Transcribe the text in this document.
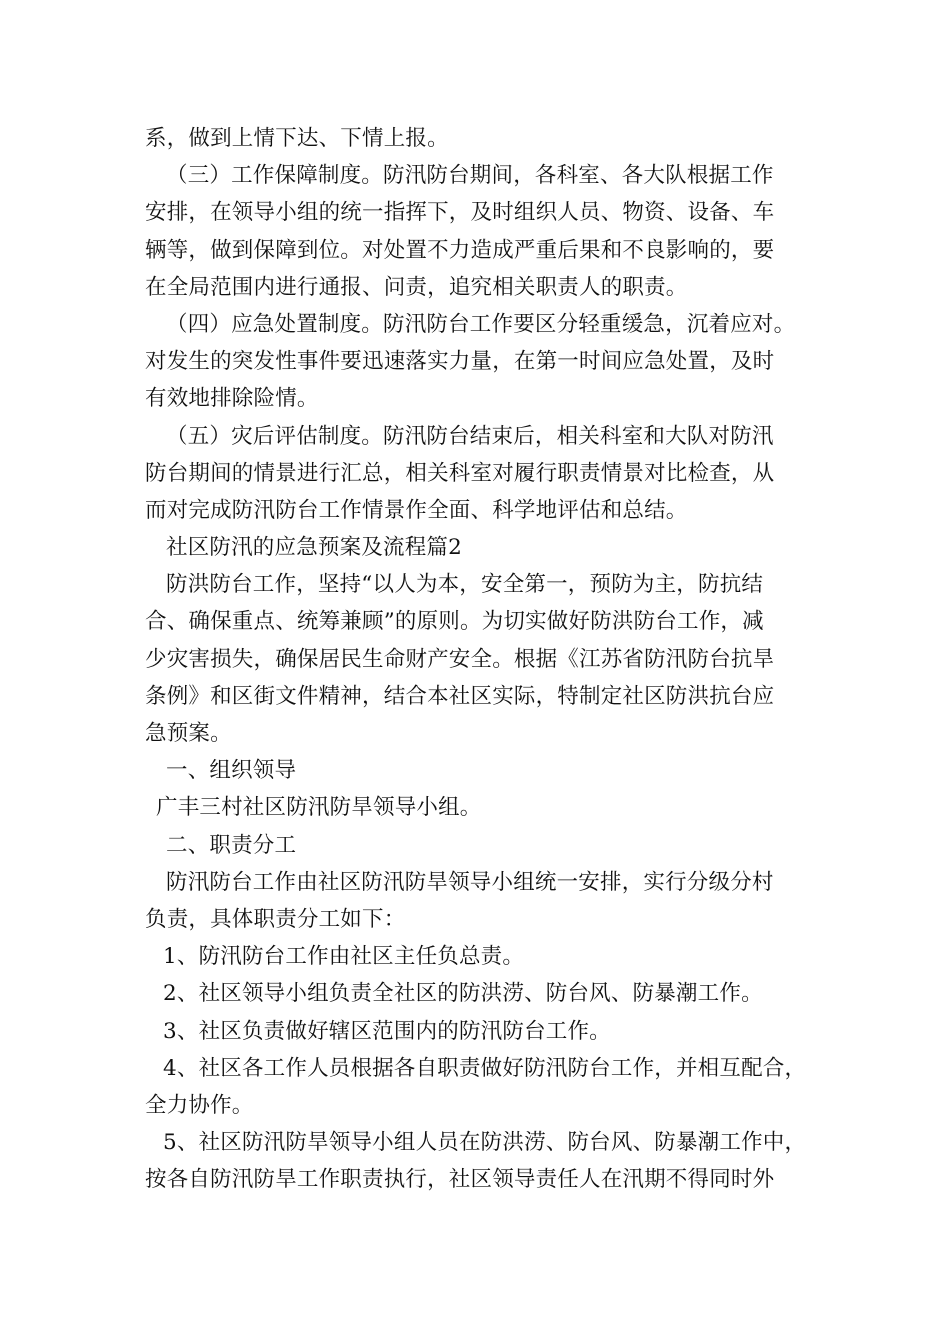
系，做到上情下达、下情上报。
（三）工作保障制度。防汛防台期间，各科室、各大队根据工作
安排，在领导小组的统一指挥下，及时组织人员、物资、设备、车
辆等，做到保障到位。对处置不力造成严重后果和不良影响的，要
在全局范围内进行通报、问责，追究相关职责人的职责。
（四）应急处置制度。防汛防台工作要区分轻重缓急，沉着应对。
对发生的突发性事件要迅速落实力量，在第一时间应急处置，及时
有效地排除险情。
（五）灾后评估制度。防汛防台结束后，相关科室和大队对防汛
防台期间的情景进行汇总，相关科室对履行职责情景对比检查，从
而对完成防汛防台工作情景作全面、科学地评估和总结。
社区防汛的应急预案及流程篇2
防洪防台工作，坚持“以人为本，安全第一，预防为主，防抗结
合、确保重点、统筹兼顾”的原则。为切实做好防洪防台工作，减
少灾害损失，确保居民生命财产安全。根据《江苏省防汛防台抗旱
条例》和区街文件精神，结合本社区实际，特制定社区防洪抗台应
急预案。
一、组织领导
广丰三村社区防汛防旱领导小组。
二、职责分工
防汛防台工作由社区防汛防旱领导小组统一安排，实行分级分村
负责，具体职责分工如下：
1、防汛防台工作由社区主任负总责。
2、社区领导小组负责全社区的防洪涝、防台风、防暴潮工作。
3、社区负责做好辖区范围内的防汛防台工作。
4、社区各工作人员根据各自职责做好防汛防台工作，并相互配合，
全力协作。
5、社区防汛防旱领导小组人员在防洪涝、防台风、防暴潮工作中，
按各自防汛防旱工作职责执行，社区领导责任人在汛期不得同时外
